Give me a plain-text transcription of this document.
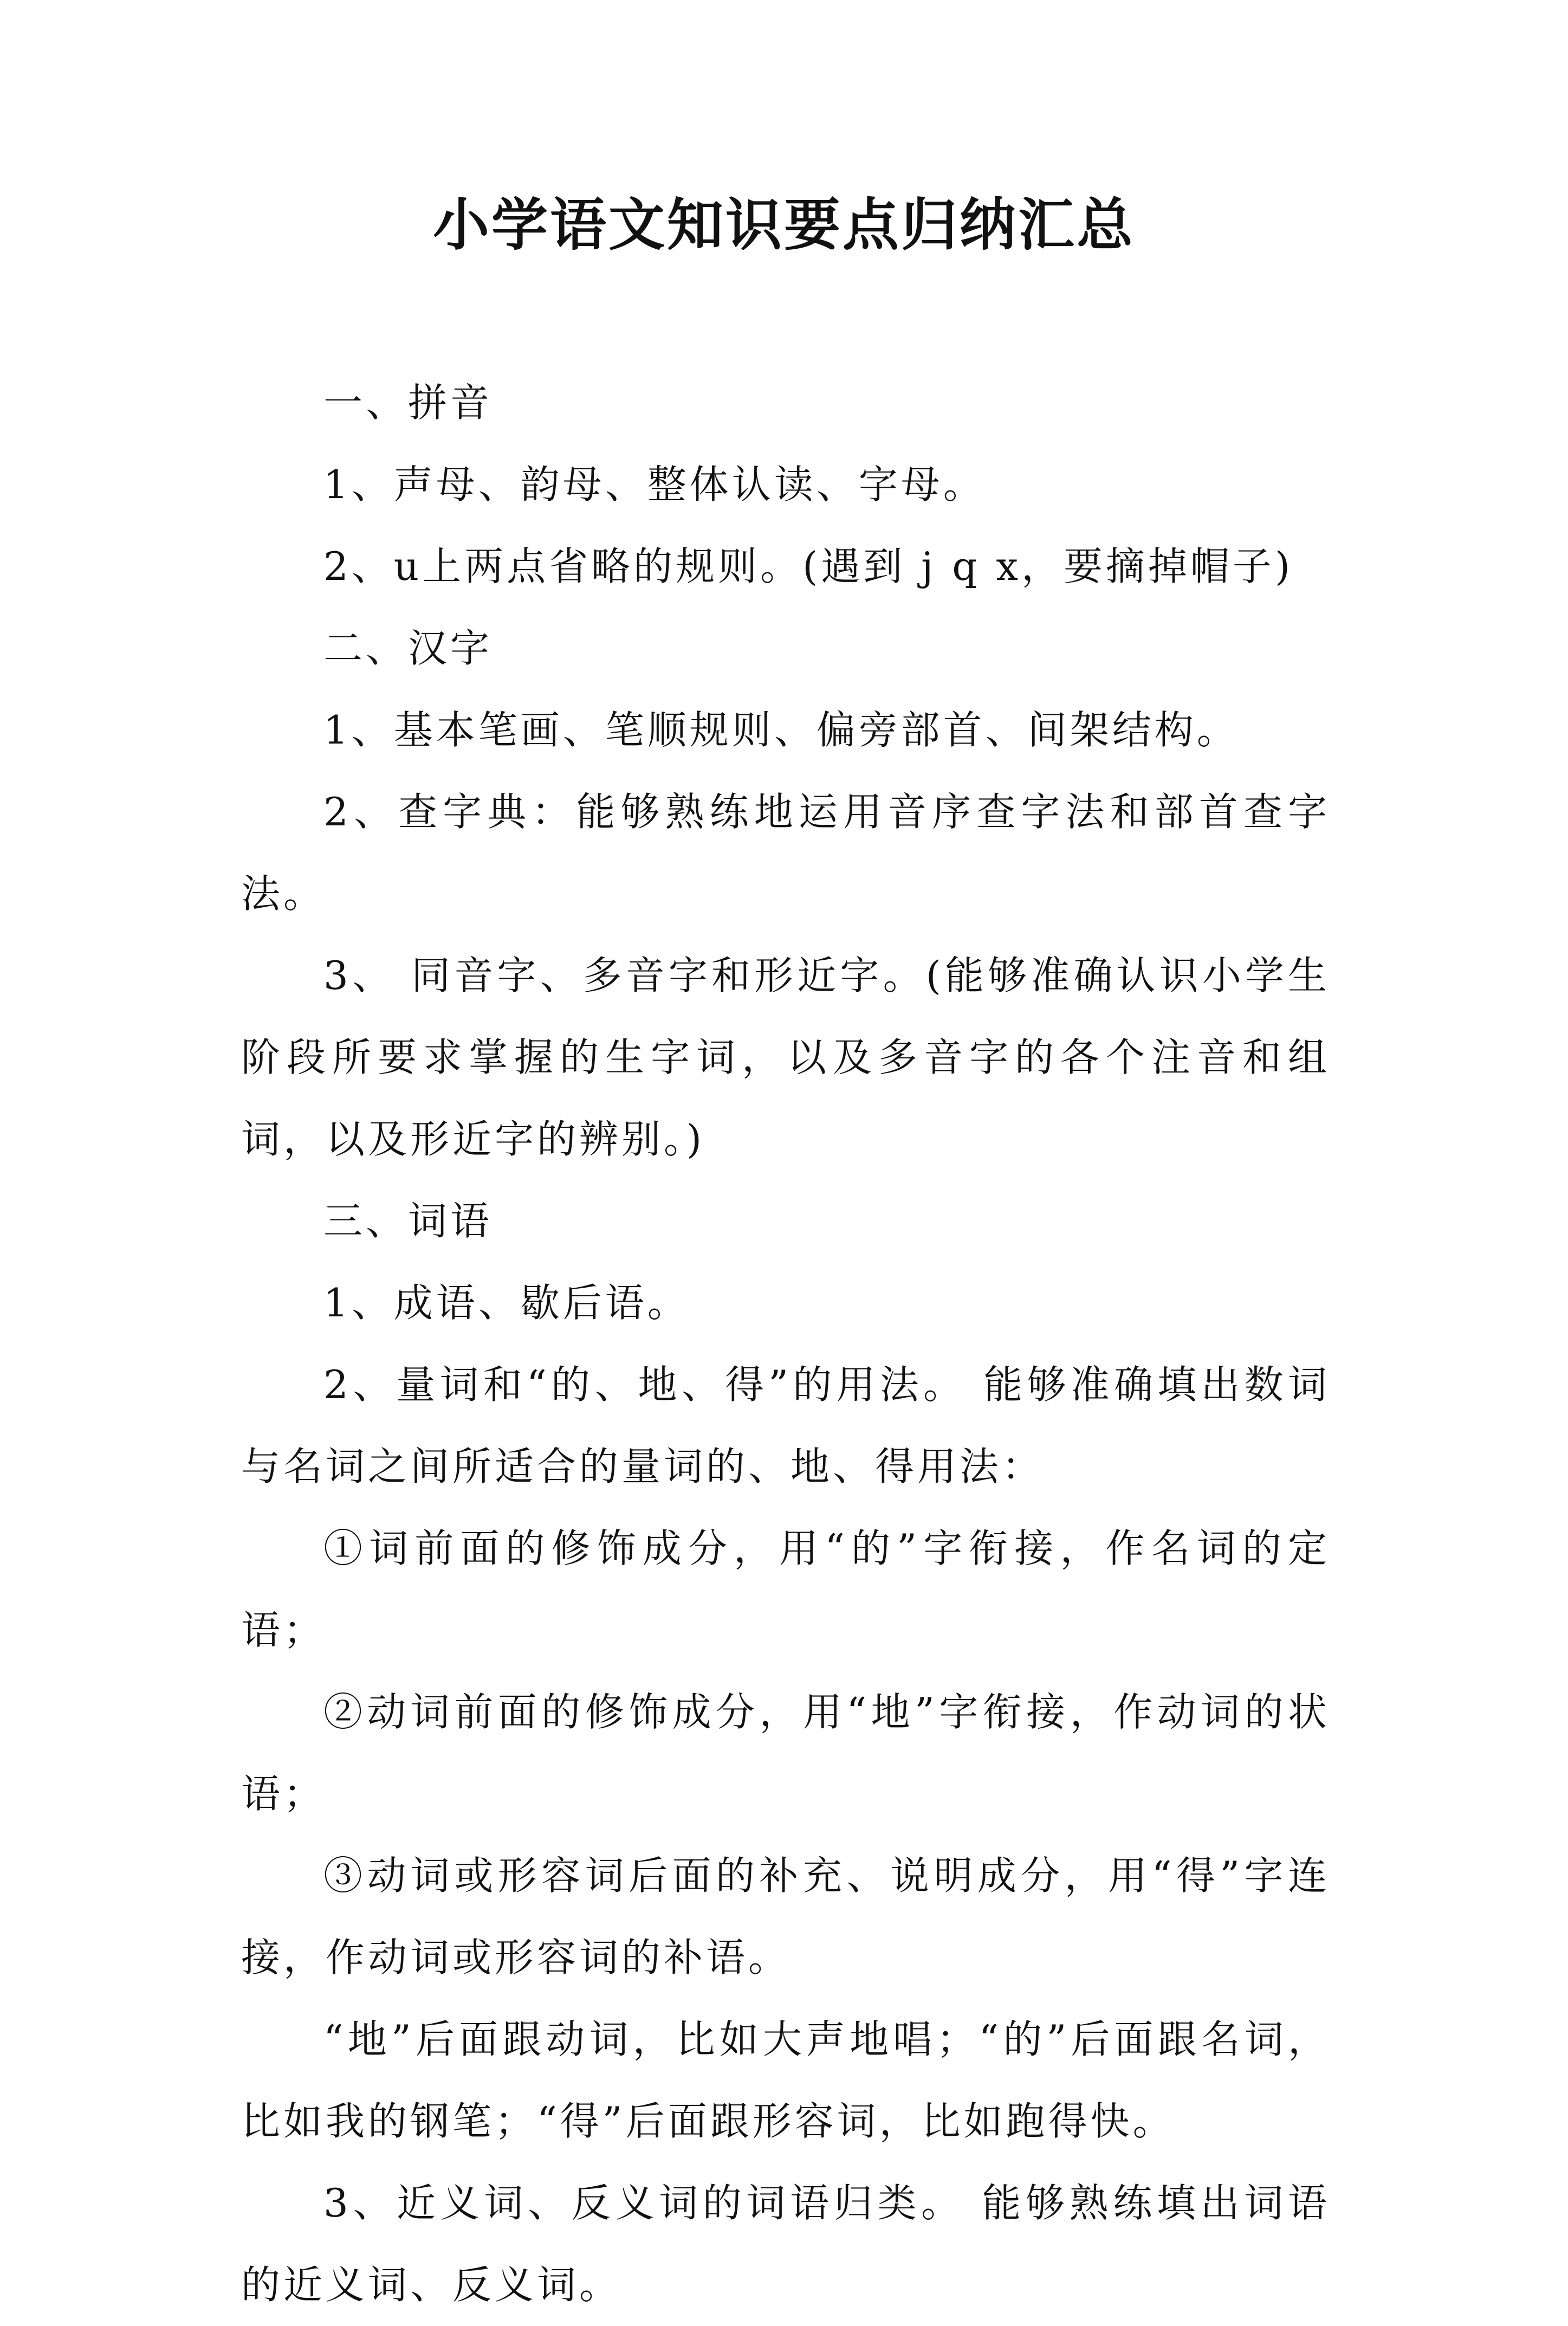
小学语文知识要点归纳汇总

一、拼音

1、声母、韵母、整体认读、字母。

2、u上两点省略的规则。(遇到 j q x，要摘掉帽子)

二、汉字

1、基本笔画、笔顺规则、偏旁部首、间架结构。

2、查字典：能够熟练地运用音序查字法和部首查字法。

3、 同音字、多音字和形近字。(能够准确认识小学生阶段所要求掌握的生字词，以及多音字的各个注音和组词，以及形近字的辨别。)

三、词语

1、成语、歇后语。

2、量词和“的、地、得”的用法。 能够准确填出数词与名词之间所适合的量词的、地、得用法：

①词前面的修饰成分，用“的”字衔接，作名词的定语；

②动词前面的修饰成分，用“地”字衔接，作动词的状语；

③动词或形容词后面的补充、说明成分，用“得”字连接，作动词或形容词的补语。

“地”后面跟动词，比如大声地唱；“的”后面跟名词，比如我的钢笔；“得”后面跟形容词，比如跑得快。

3、近义词、反义词的词语归类。 能够熟练填出词语的近义词、反义词。
